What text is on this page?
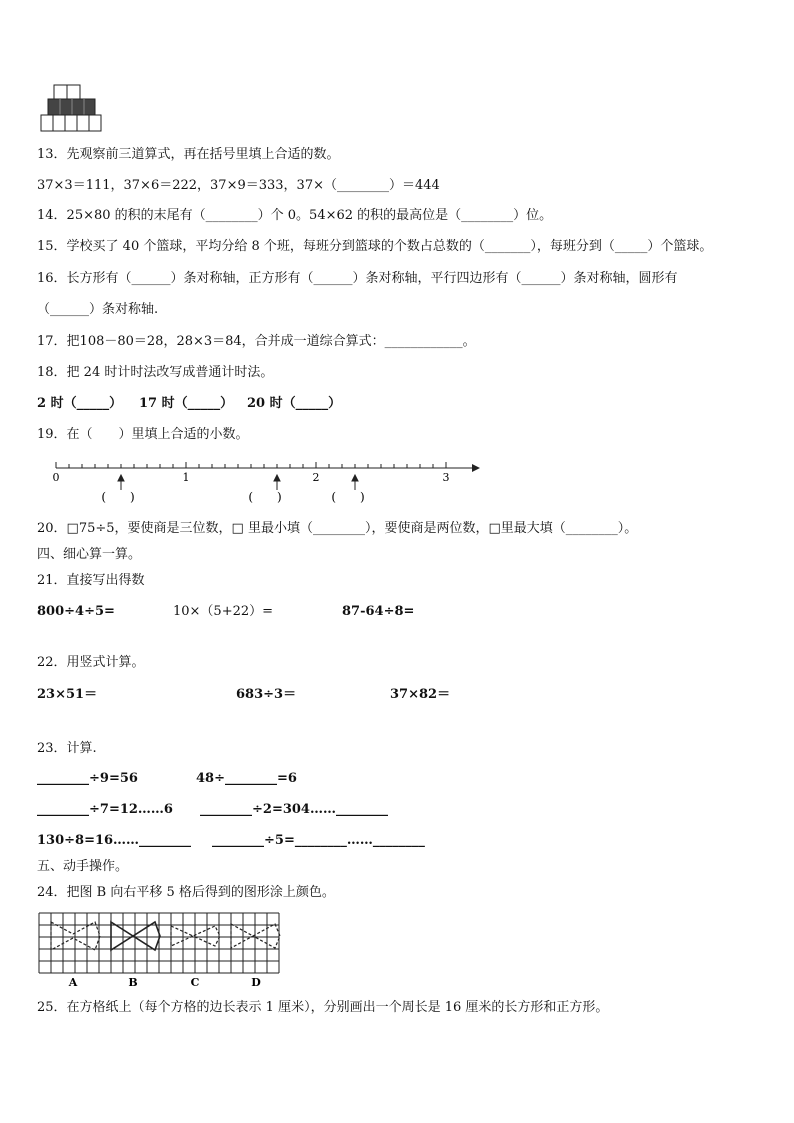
13．先观察前三道算式，再在括号里填上合适的数。
37×3＝111，37×6＝222，37×9＝333，37×（________）＝444
14．25×80 的积的末尾有（________）个 0。54×62 的积的最高位是（________）位。
15．学校买了 40 个篮球，平均分给 8 个班，每班分到篮球的个数占总数的（_______），每班分到（_____）个篮球。
16．长方形有（______）条对称轴，正方形有（______）条对称轴，平行四边形有（______）条对称轴，圆形有
（______）条对称轴.
17．把108－80＝28，28×3＝84，合并成一道综合算式：____________。
18．把 24 时计时法改写成普通计时法。
2 时（_____） 17 时（_____） 20 时（_____）
19．在（　　）里填上合适的小数。
0	1	2	3
(　　)	(　　)	(　　)
20．□75÷5，要使商是三位数，□ 里最小填（________），要使商是两位数，□里最大填（________）。
四、细心算一算。
21．直接写出得数
800÷4÷5=	10×（5+22）=	87-64÷8=
22．用竖式计算。
23×51＝	683÷3＝	37×82＝
23．计算.
________÷9=56	48÷________=6
________÷7=12……6 ________÷2=304……________
130÷8=16……________ ________÷5=________……________
五、动手操作。
24．把图 B 向右平移 5 格后得到的图形涂上颜色。
A	B	C	D
25．在方格纸上（每个方格的边长表示 1 厘米），分别画出一个周长是 16 厘米的长方形和正方形。
